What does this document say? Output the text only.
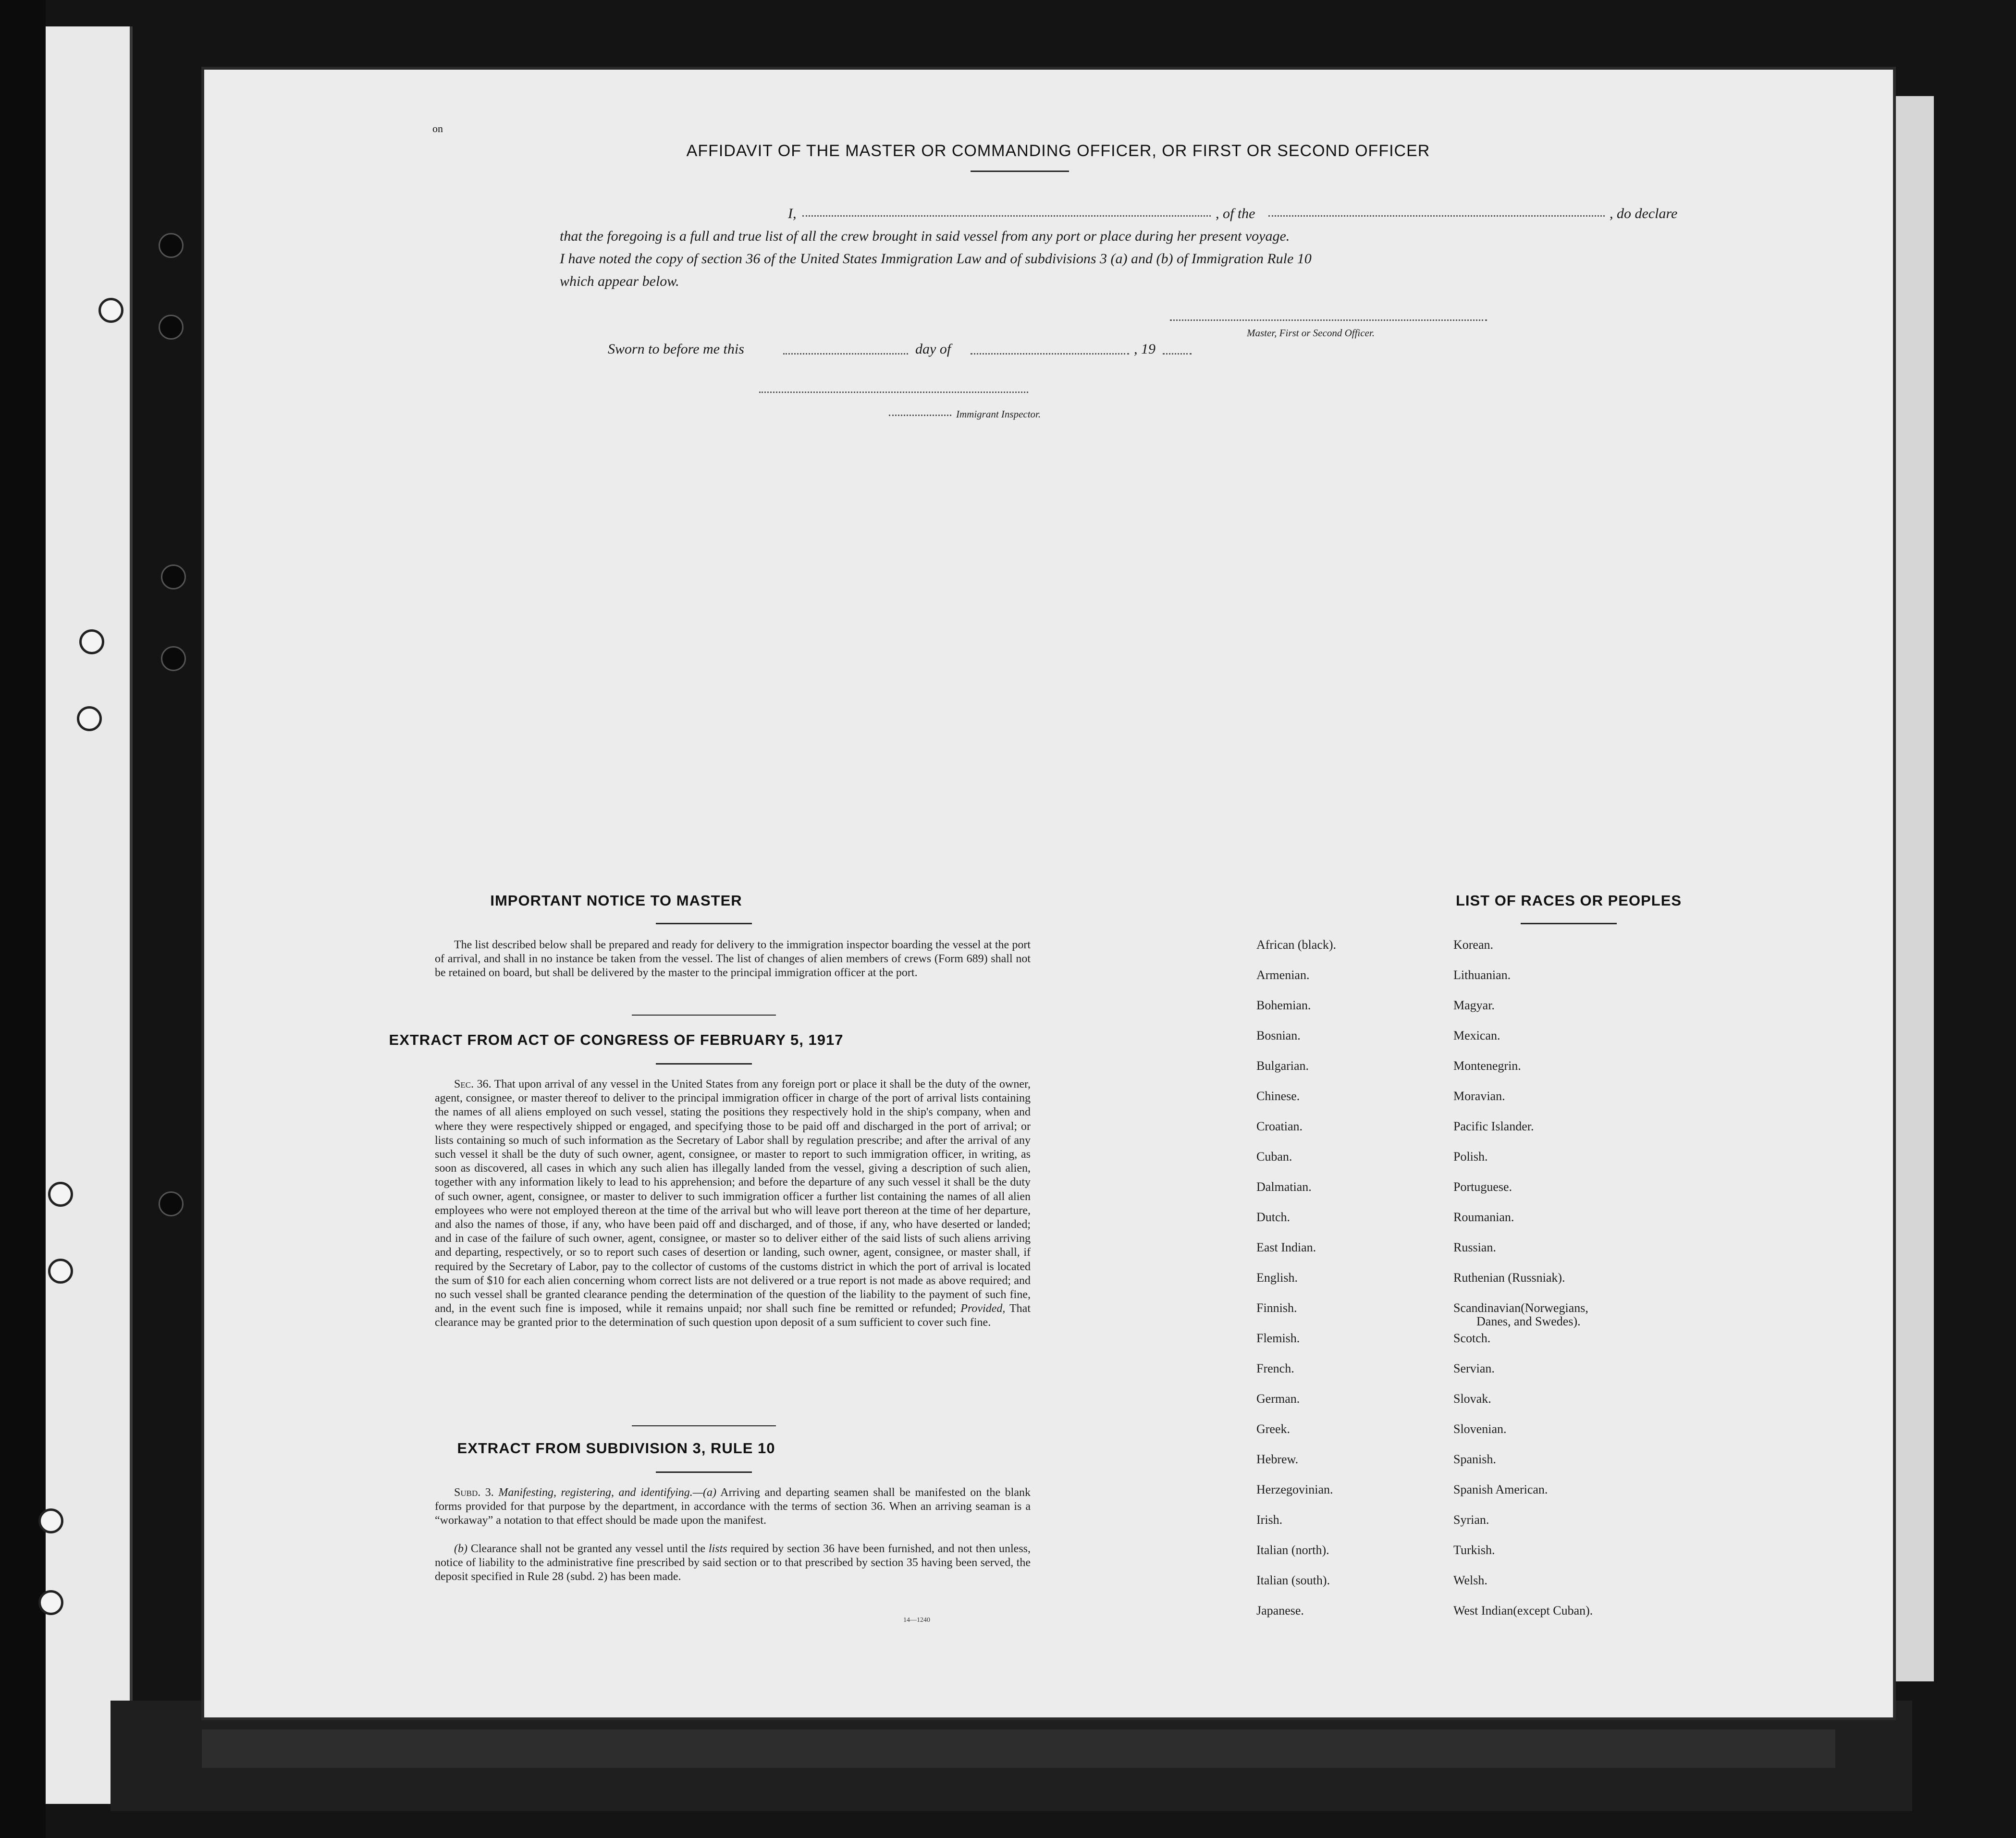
on
AFFIDAVIT OF THE MASTER OR COMMANDING OFFICER, OR FIRST OR SECOND OFFICER
I,	, of the	, do declare
that the foregoing is a full and true list of all the crew brought in said vessel from any port or place during her present voyage.
I have noted the copy of section 36 of the United States Immigration Law and of subdivisions 3 (a) and (b) of Immigration Rule 10
which appear below.
Master, First or Second Officer.
Sworn to before me this	day of	, 19
Immigrant Inspector.
IMPORTANT NOTICE TO MASTER
The list described below shall be prepared and ready for delivery to the immigration inspector boarding the vessel at the port of arrival, and shall in no instance be taken from the vessel. The list of changes of alien members of crews (Form 689) shall not be retained on board, but shall be delivered by the master to the principal immigration officer at the port.
EXTRACT FROM ACT OF CONGRESS OF FEBRUARY 5, 1917
Sec. 36. That upon arrival of any vessel in the United States from any foreign port or place it shall be the duty of the owner, agent, consignee, or master thereof to deliver to the principal immigration officer in charge of the port of arrival lists containing the names of all aliens employed on such vessel, stating the positions they respectively hold in the ship's company, when and where they were respectively shipped or engaged, and specifying those to be paid off and discharged in the port of arrival; or lists containing so much of such information as the Secretary of Labor shall by regulation prescribe; and after the arrival of any such vessel it shall be the duty of such owner, agent, consignee, or master to report to such immigration officer, in writing, as soon as discovered, all cases in which any such alien has illegally landed from the vessel, giving a description of such alien, together with any information likely to lead to his apprehension; and before the departure of any such vessel it shall be the duty of such owner, agent, consignee, or master to deliver to such immigration officer a further list containing the names of all alien employees who were not employed thereon at the time of the arrival but who will leave port thereon at the time of her departure, and also the names of those, if any, who have been paid off and discharged, and of those, if any, who have deserted or landed; and in case of the failure of such owner, agent, consignee, or master so to deliver either of the said lists of such aliens arriving and departing, respectively, or so to report such cases of desertion or landing, such owner, agent, consignee, or master shall, if required by the Secretary of Labor, pay to the collector of customs of the customs district in which the port of arrival is located the sum of $10 for each alien concerning whom correct lists are not delivered or a true report is not made as above required; and no such vessel shall be granted clearance pending the determination of the question of the liability to the payment of such fine, and, in the event such fine is imposed, while it remains unpaid; nor shall such fine be remitted or refunded; Provided, That clearance may be granted prior to the determination of such question upon deposit of a sum sufficient to cover such fine.
EXTRACT FROM SUBDIVISION 3, RULE 10
Subd. 3. Manifesting, registering, and identifying.—(a) Arriving and departing seamen shall be manifested on the blank forms provided for that purpose by the department, in accordance with the terms of section 36. When an arriving seaman is a “workaway” a notation to that effect should be made upon the manifest.
(b) Clearance shall not be granted any vessel until the lists required by section 36 have been furnished, and not then unless, notice of liability to the administrative fine prescribed by said section or to that prescribed by section 35 having been served, the deposit specified in Rule 28 (subd. 2) has been made.
14—1240
LIST OF RACES OR PEOPLES
African (black).
Armenian.
Bohemian.
Bosnian.
Bulgarian.
Chinese.
Croatian.
Cuban.
Dalmatian.
Dutch.
East Indian.
English.
Finnish.
Flemish.
French.
German.
Greek.
Hebrew.
Herzegovinian.
Irish.
Italian (north).
Italian (south).
Japanese.
Korean.
Lithuanian.
Magyar.
Mexican.
Montenegrin.
Moravian.
Pacific Islander.
Polish.
Portuguese.
Roumanian.
Russian.
Ruthenian (Russniak).
Scandinavian(Norwegians,
Danes, and Swedes).
Scotch.
Servian.
Slovak.
Slovenian.
Spanish.
Spanish American.
Syrian.
Turkish.
Welsh.
West Indian(except Cuban).
